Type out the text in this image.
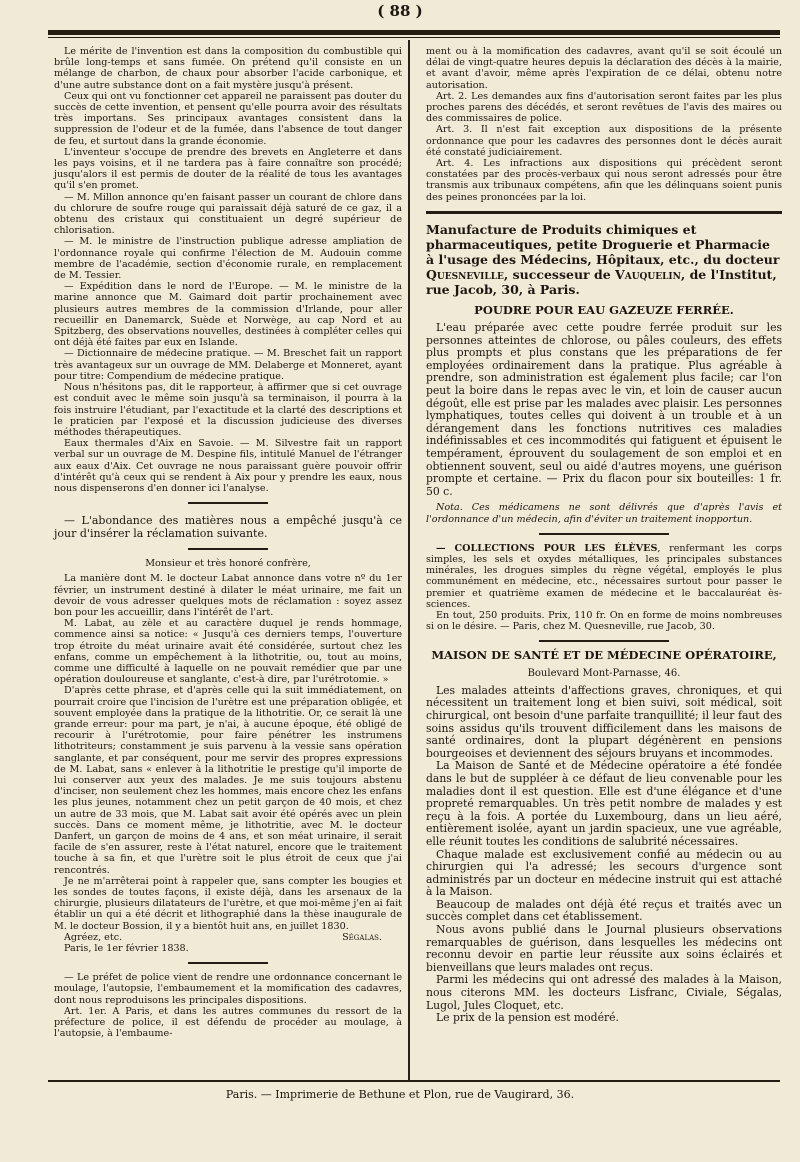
( 88 )

Le mérite de l'invention est dans la composition du combustible qui brûle long-temps et sans fumée. On prétend qu'il consiste en un mélange de charbon, de chaux pour absorber l'acide carbonique, et d'une autre substance dont on a fait mystère jusqu'à présent.

Ceux qui ont vu fonctionner cet appareil ne paraissent pas douter du succès de cette invention, et pensent qu'elle pourra avoir des résultats très importans. Ses principaux avantages consistent dans la suppression de l'odeur et de la fumée, dans l'absence de tout danger de feu, et surtout dans la grande économie.

L'inventeur s'occupe de prendre des brevets en Angleterre et dans les pays voisins, et il ne tardera pas à faire connaître son procédé; jusqu'alors il est permis de douter de la réalité de tous les avantages qu'il s'en promet.

— M. Millon annonce qu'en faisant passer un courant de chlore dans du chlorure de soufre rouge qui paraissait déjà saturé de ce gaz, il a obtenu des cristaux qui constituaient un degré supérieur de chlorisation.

— M. le ministre de l'instruction publique adresse ampliation de l'ordonnance royale qui confirme l'élection de M. Audouin comme membre de l'académie, section d'économie rurale, en remplacement de M. Tessier.

— Expédition dans le nord de l'Europe. — M. le ministre de la marine annonce que M. Gaimard doit partir prochainement avec plusieurs autres membres de la commission d'Irlande, pour aller recueillir en Danemarck, Suède et Norwège, au cap Nord et au Spitzberg, des observations nouvelles, destinées à compléter celles qui ont déjà été faites par eux en Islande.

— Dictionnaire de médecine pratique. — M. Breschet fait un rapport très avantageux sur un ouvrage de MM. Delaberge et Monneret, ayant pour titre: Compendium de médecine pratique.

Nous n'hésitons pas, dit le rapporteur, à affirmer que si cet ouvrage est conduit avec le même soin jusqu'à sa terminaison, il pourra à la fois instruire l'étudiant, par l'exactitude et la clarté des descriptions et le praticien par l'exposé et la discussion judicieuse des diverses méthodes thérapeutiques.

Eaux thermales d'Aix en Savoie. — M. Silvestre fait un rapport verbal sur un ouvrage de M. Despine fils, intitulé Manuel de l'étranger aux eaux d'Aix. Cet ouvrage ne nous paraissant guère pouvoir offrir d'intérêt qu'à ceux qui se rendent à Aix pour y prendre les eaux, nous nous dispenserons d'en donner ici l'analyse.

— L'abondance des matières nous a empêché jusqu'à ce jour d'insérer la réclamation suivante.

Monsieur et très honoré confrère,

La manière dont M. le docteur Labat annonce dans votre nº du 1er février, un instrument destiné à dilater le méat urinaire, me fait un devoir de vous adresser quelques mots de réclamation : soyez assez bon pour les accueillir, dans l'intérêt de l'art.

M. Labat, au zèle et au caractère duquel je rends hommage, commence ainsi sa notice: « Jusqu'à ces derniers temps, l'ouverture trop étroite du méat urinaire avait été considérée, surtout chez les enfans, comme un empêchement à la lithotritie, ou, tout au moins, comme une difficulté à laquelle on ne pouvait remédier que par une opération douloureuse et sanglante, c'est-à dire, par l'urétrotomie. »

D'après cette phrase, et d'après celle qui la suit immédiatement, on pourrait croire que l'incision de l'urètre est une préparation obligée, et souvent employée dans la pratique de la lithotritie. Or, ce serait là une grande erreur: pour ma part, je n'ai, à aucune époque, été obligé de recourir à l'urétrotomie, pour faire pénétrer les instrumens lithotriteurs; constamment je suis parvenu à la vessie sans opération sanglante, et par conséquent, pour me servir des propres expressions de M. Labat, sans « enlever à la lithotritie le prestige qu'il importe de lui conserver aux yeux des malades. Je me suis toujours abstenu d'inciser, non seulement chez les hommes, mais encore chez les enfans les plus jeunes, notamment chez un petit garçon de 40 mois, et chez un autre de 33 mois, que M. Labat sait avoir été opérés avec un plein succès. Dans ce moment même, je lithotritie, avec M. le docteur Danfert, un garçon de moins de 4 ans, et son méat urinaire, il serait facile de s'en assurer, reste à l'état naturel, encore que le traitement touche à sa fin, et que l'urètre soit le plus étroit de ceux que j'ai rencontrés.

Je ne m'arrêterai point à rappeler que, sans compter les bougies et les sondes de toutes façons, il existe déjà, dans les arsenaux de la chirurgie, plusieurs dilatateurs de l'urètre, et que moi-même j'en ai fait établir un qui a été décrit et lithographié dans la thèse inaugurale de M. le docteur Bossion, il y a bientôt huit ans, en juillet 1830.

Agréez, etc.	Ségalas.

Paris, le 1er février 1838.

— Le préfet de police vient de rendre une ordonnance concernant le moulage, l'autopsie, l'embaumement et la momification des cadavres, dont nous reproduisons les principales dispositions.

Art. 1er. A Paris, et dans les autres communes du ressort de la préfecture de police, il est défendu de procéder au moulage, à l'autopsie, à l'embaume-

ment ou à la momification des cadavres, avant qu'il se soit écoulé un délai de vingt-quatre heures depuis la déclaration des décès à la mairie, et avant d'avoir, même après l'expiration de ce délai, obtenu notre autorisation.

Art. 2. Les demandes aux fins d'autorisation seront faites par les plus proches parens des décédés, et seront revêtues de l'avis des maires ou des commissaires de police.

Art. 3. Il n'est fait exception aux dispositions de la présente ordonnance que pour les cadavres des personnes dont le décès aurait été constaté judiciairement.

Art. 4. Les infractions aux dispositions qui précèdent seront constatées par des procès-verbaux qui nous seront adressés pour être transmis aux tribunaux compétens, afin que les délinquans soient punis des peines prononcées par la loi.

Manufacture de Produits chimiques et pharmaceutiques, petite Droguerie et Pharmacie à l'usage des Médecins, Hôpitaux, etc., du docteur Quesneville, successeur de Vauquelin, de l'Institut, rue Jacob, 30, à Paris.

POUDRE POUR EAU GAZEUZE FERRÉE.

L'eau préparée avec cette poudre ferrée produit sur les personnes atteintes de chlorose, ou pâles couleurs, des effets plus prompts et plus constans que les préparations de fer employées ordinairement dans la pratique. Plus agréable à prendre, son administration est également plus facile; car l'on peut la boire dans le repas avec le vin, et loin de causer aucun dégoût, elle est prise par les malades avec plaisir. Les personnes lymphatiques, toutes celles qui doivent à un trouble et à un dérangement dans les fonctions nutritives ces maladies indéfinissables et ces incommodités qui fatiguent et épuisent le tempérament, éprouvent du soulagement de son emploi et en obtiennent souvent, seul ou aidé d'autres moyens, une guérison prompte et certaine. — Prix du flacon pour six bouteilles: 1 fr. 50 c.

Nota. Ces médicamens ne sont délivrés que d'après l'avis et l'ordonnance d'un médecin, afin d'éviter un traitement inopportun.

— COLLECTIONS POUR LES ÉLÈVES, renfermant les corps simples, les sels et oxydes métalliques, les principales substances minérales, les drogues simples du règne végétal, employés le plus communément en médecine, etc., nécessaires surtout pour passer le premier et quatrième examen de médecine et le baccalauréat ès-sciences.

En tout, 250 produits. Prix, 110 fr. On en forme de moins nombreuses si on le désire. — Paris, chez M. Quesneville, rue Jacob, 30.

MAISON DE SANTÉ ET DE MÉDECINE OPÉRATOIRE,
Boulevard Mont-Parnasse, 46.

Les malades atteints d'affections graves, chroniques, et qui nécessitent un traitement long et bien suivi, soit médical, soit chirurgical, ont besoin d'une parfaite tranquillité; il leur faut des soins assidus qu'ils trouvent difficilement dans les maisons de santé ordinaires, dont la plupart dégénèrent en pensions bourgeoises et deviennent des séjours bruyans et incommodes.

La Maison de Santé et de Médecine opératoire a été fondée dans le but de suppléer à ce défaut de lieu convenable pour les maladies dont il est question. Elle est d'une élégance et d'une propreté remarquables. Un très petit nombre de malades y est reçu à la fois. A portée du Luxembourg, dans un lieu aéré, entièrement isolée, ayant un jardin spacieux, une vue agréable, elle réunit toutes les conditions de salubrité nécessaires.

Chaque malade est exclusivement confié au médecin ou au chirurgien qui l'a adressé; les secours d'urgence sont administrés par un docteur en médecine instruit qui est attaché à la Maison.

Beaucoup de malades ont déjà été reçus et traités avec un succès complet dans cet établissement.

Nous avons publié dans le Journal plusieurs observations remarquables de guérison, dans lesquelles les médecins ont reconnu devoir en partie leur réussite aux soins éclairés et bienveillans que leurs malades ont reçus.

Parmi les médecins qui ont adressé des malades à la Maison, nous citerons MM. les docteurs Lisfranc, Civiale, Ségalas, Lugol, Jules Cloquet, etc.

Le prix de la pension est modéré.

Paris. — Imprimerie de Bethune et Plon, rue de Vaugirard, 36.
